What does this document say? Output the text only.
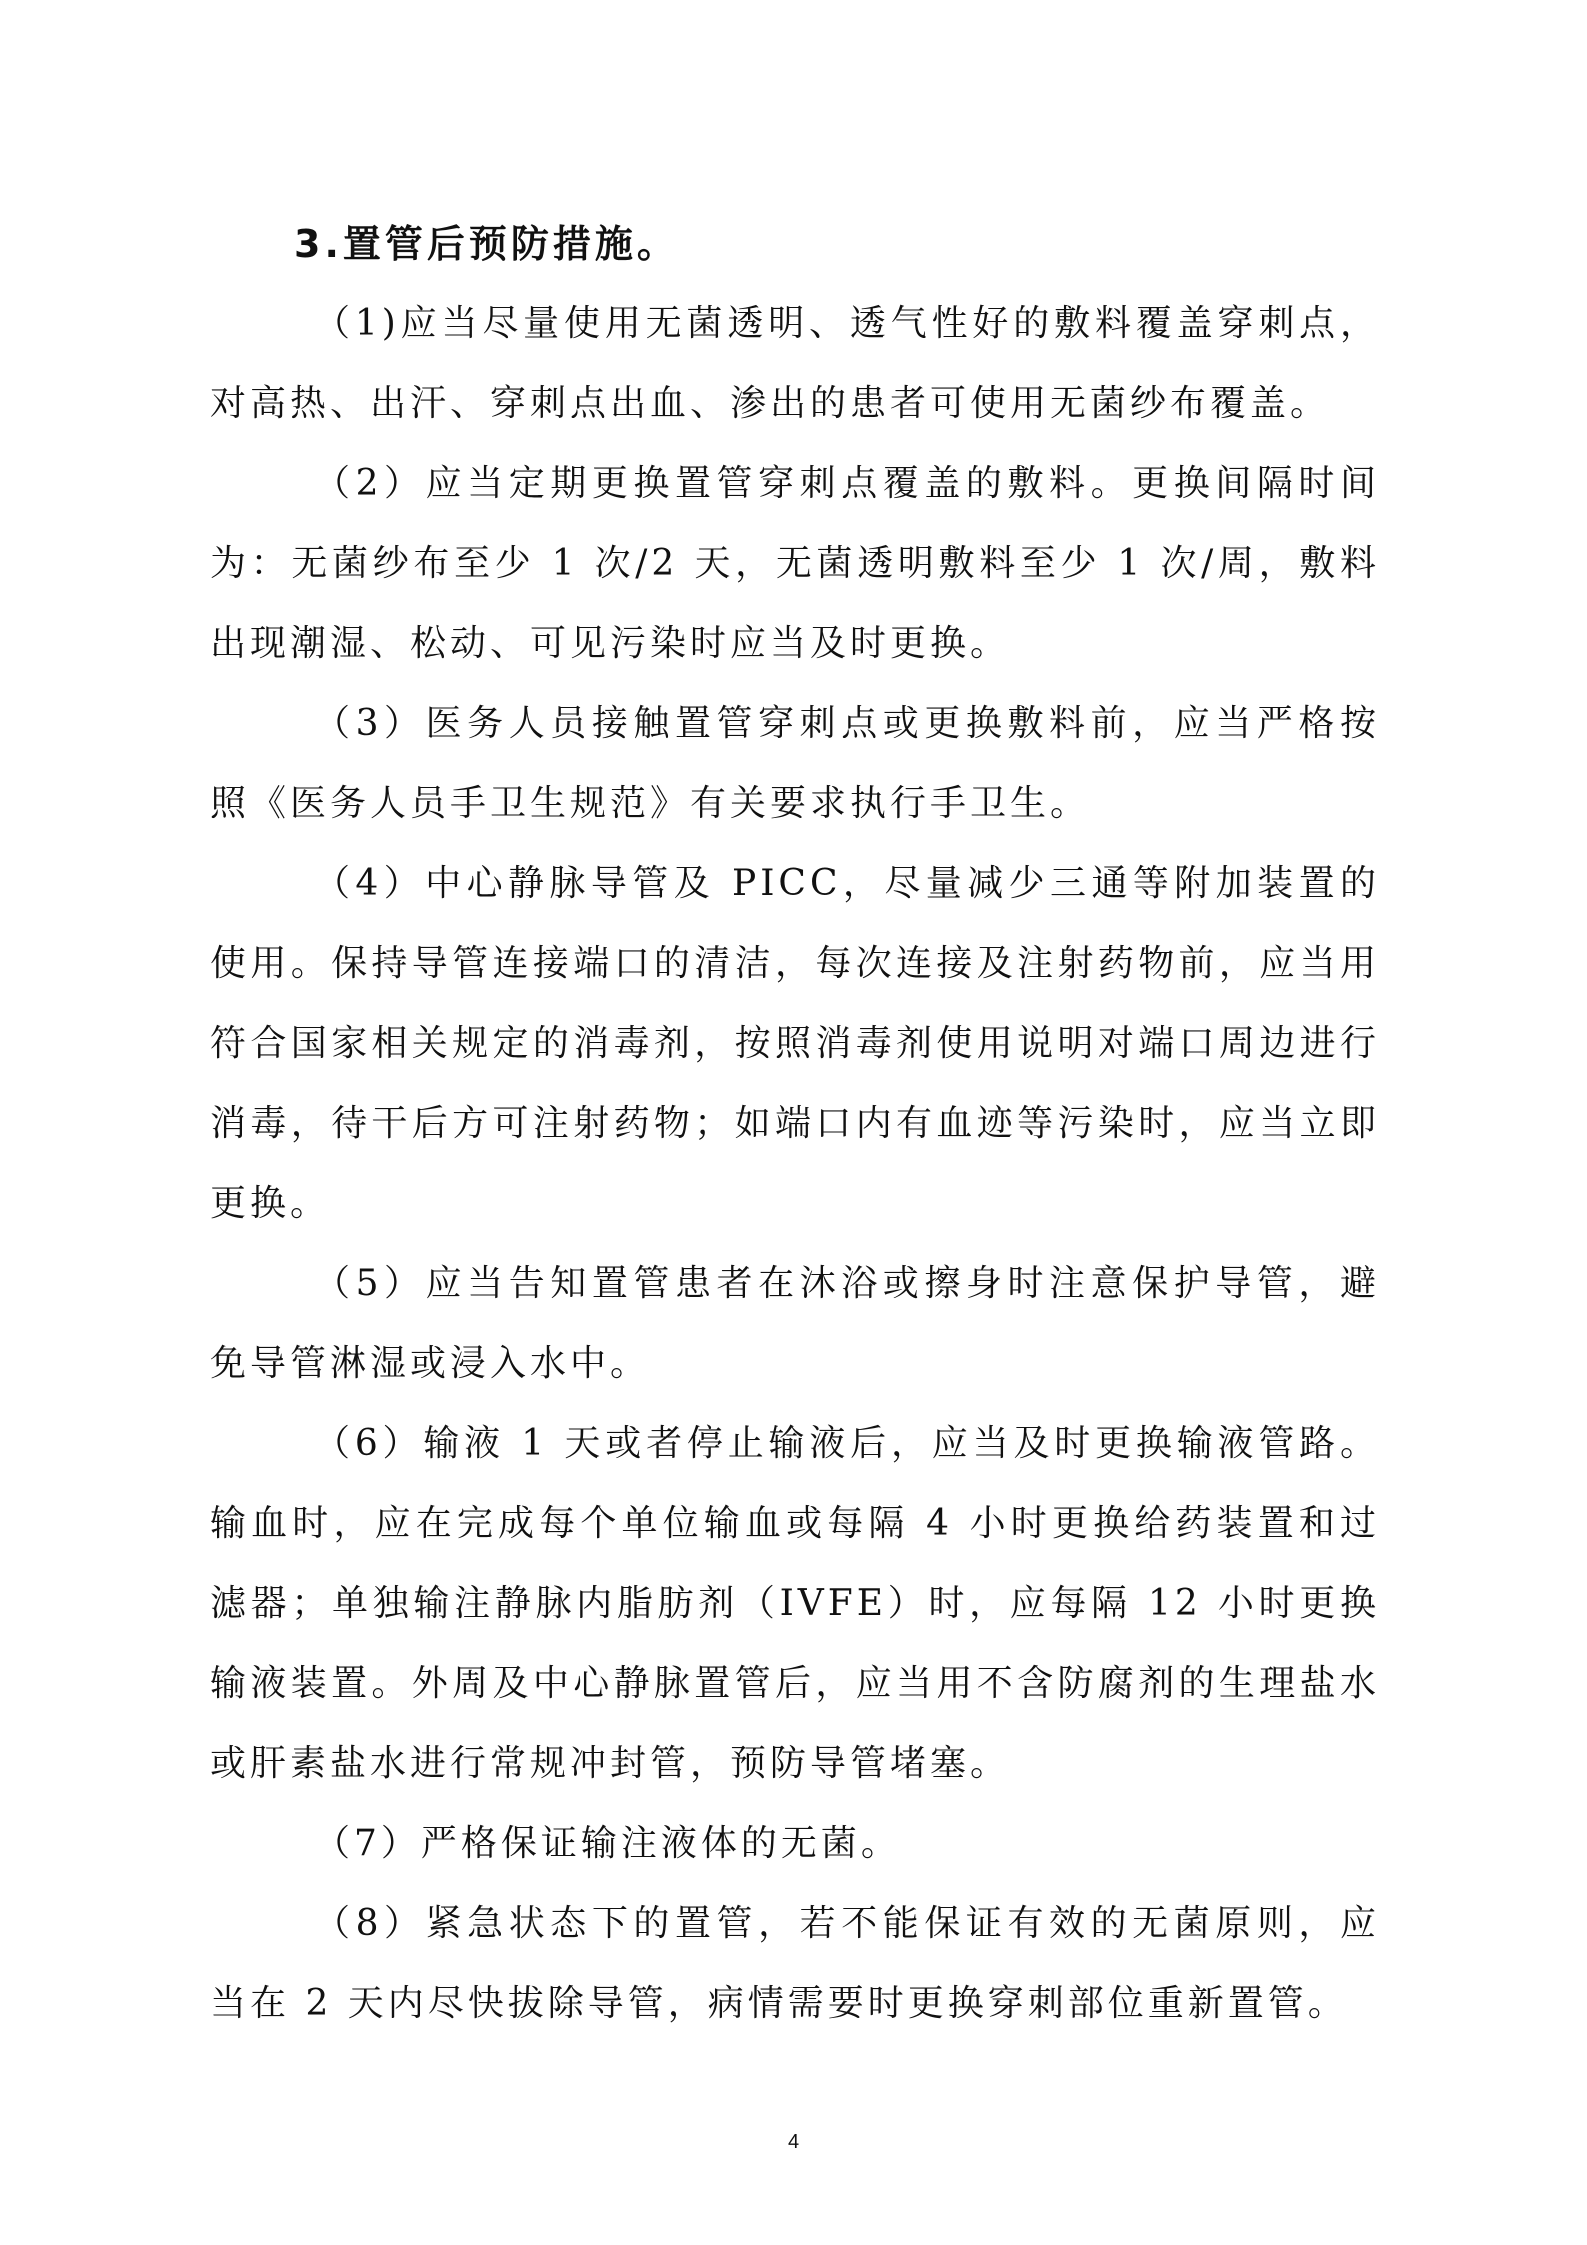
3.置管后预防措施。

（1)应当尽量使用无菌透明、透气性好的敷料覆盖穿刺点，对高热、出汗、穿刺点出血、渗出的患者可使用无菌纱布覆盖。

（2）应当定期更换置管穿刺点覆盖的敷料。更换间隔时间为：无菌纱布至少 1 次/2 天，无菌透明敷料至少 1 次/周，敷料出现潮湿、松动、可见污染时应当及时更换。

（3）医务人员接触置管穿刺点或更换敷料前，应当严格按照《医务人员手卫生规范》有关要求执行手卫生。

（4）中心静脉导管及 PICC，尽量减少三通等附加装置的使用。保持导管连接端口的清洁，每次连接及注射药物前，应当用符合国家相关规定的消毒剂，按照消毒剂使用说明对端口周边进行消毒，待干后方可注射药物；如端口内有血迹等污染时，应当立即更换。

（5）应当告知置管患者在沐浴或擦身时注意保护导管，避免导管淋湿或浸入水中。

（6）输液 1 天或者停止输液后，应当及时更换输液管路。输血时，应在完成每个单位输血或每隔 4 小时更换给药装置和过滤器；单独输注静脉内脂肪剂（IVFE）时，应每隔 12 小时更换输液装置。外周及中心静脉置管后，应当用不含防腐剂的生理盐水或肝素盐水进行常规冲封管，预防导管堵塞。

（7）严格保证输注液体的无菌。

（8）紧急状态下的置管，若不能保证有效的无菌原则，应当在 2 天内尽快拔除导管，病情需要时更换穿刺部位重新置管。

4
